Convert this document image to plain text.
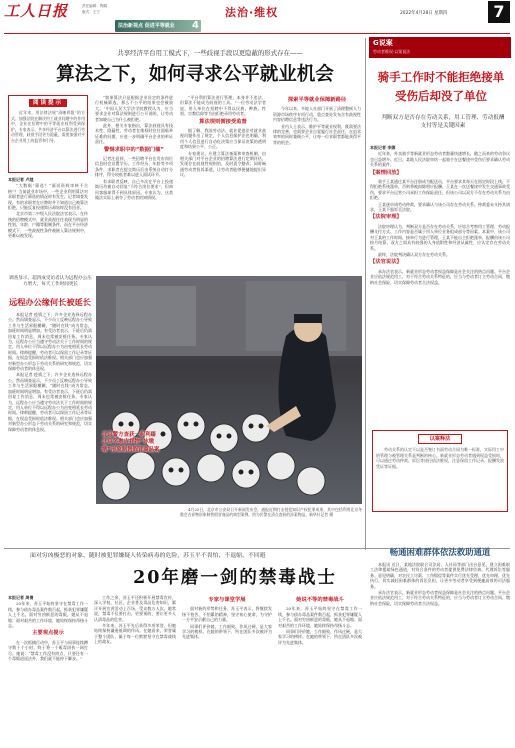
工人日报	责任编辑：陶娟
版式：王宁
法治新视点 促进平等就业 4
法治·维权	2022年4月28日 星期四	7
共享经济平台用工模式下，一些歧视手段以更隐蔽的形式存在——
算法之下，如何寻求公平就业机会
阅读提示
近年来，用法律法规“清晰界限”的方式、加强法院在解决用工就业问题中的作用中，企业在招聘中的平等就业权利受到保护。专家表示，共享经济平台以算法进行劳动管理，歧视手段更为隐蔽，需要加强对平台企业用工的监管和引导。

本报记者 卢越

“大数据”筛选？“面试资料审核不合格”？当前就业市场中，一些企业利用算法对求职者进行筛选的情况时有发生。记者调查发现，有的求职者在应聘时并不知道自己被算法拒绝，只能反复投递简历却始终没有回音。

北京市第二中级人民法院法官表示，在传统的招聘模式中，就业歧视往往表现为明显的性别、年龄、户籍等限制条件，而在平台经济模式下，一些歧视性条件被嵌入算法规则中，更难以被发现。

“如果算法只是根据企业设定的条件进行机械筛选，那么不公平的结果也会被放大。”中国人民大学法学院教授认为，应当要求企业对算法规则进行公开说明，让劳动者知晓自己为什么被拒绝。

此外，相关专家指出，算法歧视具有技术性、隐蔽性，劳动者在维权时往往面临举证难的问题，应进一步明确平台企业的举证责任。

警惕求职中的“数据门槛”

记者注意到，一些招聘平台在发布岗位信息时会设置学历、工作经历、年龄等多项条件，求职者在提交简历后由系统自动打分排序，得分较低者难以进入面试环节。

有求职者反映，自己多次在平台上投递简历均被自动回复“不符合岗位要求”，但询问客服却得不到具体原因。专家认为，这类做法实际上剥夺了劳动者的知情权。

“平台利用算法进行管理，本身并不违法，但算法不能成为歧视的工具。”一位劳动法学者说，用人单位在招聘中不得以民族、种族、性别、宗教信仰等为由拒绝录用劳动者。

算法规则需接受监督

据了解，我国劳动法、就业促进法对就业歧视问题作出了规定，个人信息保护法也明确，利用个人信息进行自动化决策应当保证决策的透明度和结果公平、公正。

专家建议，应建立算法备案和审查机制，由相关部门对平台企业的招聘算法进行定期评估，发现存在歧视性规则的，及时责令整改；同时畅通劳动者投诉渠道，让劳动者能够便捷地提出异议。

探索平等就业保障新路径

今年以来，多地人社部门开展了清理整顿人力资源市场秩序专项行动，重点查处发布含有歧视性内容招聘信息等违法行为。

业内人士表示，维护平等就业权利，既需要法律的完善，也需要企业自觉履行社会责任，在追求效率的同时兼顾公平，让每一位求职者都能获得平等的机会。

G说案
劳动者维权·以案说法
骑手工作时不能拒绝接单
受伤后却没了单位
判断双方是否存在劳动关系，用工管理、劳动报酬支付等是关键因素

本报记者 李娜

近年来，外卖骑手等新就业形态劳动者数量快速增长，随之而来的劳动争议也日益增多。近日，某地人民法院审结一起骑手在送餐途中受伤后要求确认劳动关系的案件。

【案情回放】

骑手王某通过某平台注册成为配送员，平台要求其每天在固定时段上线，不得拒绝系统派单，否则将被扣除相应报酬。王某在一次送餐途中发生交通事故受伤，要求平台运营公司承担工伤保险责任，但该公司以双方不存在劳动关系为由拒绝。

王某遂申请劳动仲裁，要求确认与该公司存在劳动关系。仲裁委未支持其请求，王某不服诉至法院。

【法院审理】

法院审理认为，判断双方是否存在劳动关系，应综合考察用工管理、劳动报酬支付方式、工作内容是否属于用人单位业务组成部分等因素。本案中，该公司对王某的工作时间、接单行为进行管理，王某不能自主拒绝派单，报酬由该公司按月结算，双方之间具有较强的人身依附性和经济从属性，应认定存在劳动关系。

最终，法院判决确认双方存在劳动关系。

【法官说法】

承办法官表示，新就业形态劳动者权益保障是社会关注的热点问题。平台企业应依法规范用工，对于符合劳动关系特征的，应当与劳动者订立劳动合同，缴纳社会保险，切实保障劳动者合法权益。

以案释法
劳动关系的认定不以是否签订书面劳动合同为唯一标准，实际用工中的管理与被管理关系是判断的核心。新就业形态劳动者遇到权益受损时，可以通过劳动仲裁、诉讼等途径依法维权，注意保留工作记录、报酬发放凭证等证据。
调查显示，超四成受访者认为远程办公压力增大，每天工作时间更长
远程办公缘何长被延长

本报记者 疫情之下，许多企业选择远程办公。然而调查显示，不少员工反映远程办公导致工作与生活界限模糊，“随时在线”成为常态，加班时间明显增加。有受访者表示，下班后仍需回复工作消息，周末也常被安排任务。专家认为，远程办公应当遵守劳动法关于工作时间的规定，用人单位不得以远程办公为由变相延长劳动时间。律师提醒，劳动者可以保留工作记录等证据，在权益受损时依法维权。相关部门也应加强对新型办公形态下劳动关系的研究和规范，切实保障劳动者的休息权。

本报记者 疫情之下，许多企业选择远程办公。然而调查显示，不少员工反映远程办公导致工作与生活界限模糊，“随时在线”成为常态，加班时间明显增加。有受访者表示，下班后仍需回复工作消息，周末也常被安排任务。专家认为，远程办公应当遵守劳动法关于工作时间的规定，用人单位不得以远程办公为由变相延长劳动时间。律师提醒，劳动者可以保留工作记录等证据，在权益受损时依法维权。相关部门也应加强对新型办公形态下劳动关系的研究和规范，切实保障劳动者的休息权。

北京警方查获一起利用北京冬奥吉祥物“冰墩墩”形象制售假冒商品案
4月25日，北京市公安局召开新闻发布会，通报近期打击侵犯知识产权犯罪成果，其中包括利用北京冬奥会吉祥物形象制售假冒商品的典型案例。图为民警在清点查获的涉案物品。新华社记者 摄
面对穷凶极恶的对象、随时被犯罪嫌疑人传染病毒的危险，苏玉平不畏怕、不退缩、不回避
20年磨一剑的禁毒战士

本报记者 周倩

20年来，苏玉平始终坚守在禁毒工作一线，参与侦办毒品案件数百起，抓获犯罪嫌疑人上千名。面对穷凶极恶的毒贩，她从不退缩；面对艰苦的工作环境，她始终保持昂扬斗志。

主要观点提示

在一次抓捕行动中，苏玉平与同事连续蹲守数十个小时，终于将一个贩毒团伙一网打尽。她说：“禁毒工作没有终点，只要还有一个毒贩逍遥法外，我们就不能停下脚步。”

工作之余，苏玉平还积极开展禁毒宣传，深入学校、社区、企业普及毒品危害知识，累计开展宣讲活动上百场，受众数万人次。她常说，禁毒不仅要打击，更要预防，要让更多人认清毒品的危害。

多年来，苏玉平先后获得多项荣誉，但她始终保持谦逊低调的作风。在她看来，荣誉属于整个团队，属于每一位默默坚守在禁毒战线上的战友。

专家与课堂学展

面对新的形势和任务，苏玉平表示，将继续发扬不怕苦、不怕累的精神，坚守初心使命，为守护一方平安贡献自己的力量。

同事们评价她，工作细致、作风过硬，是大家学习的榜样。在她的带领下，所在团队多次被评为先进集体。

她说不等的禁毒战斗

20年来，苏玉平始终坚守在禁毒工作一线，参与侦办毒品案件数百起，抓获犯罪嫌疑人上千名。面对穷凶极恶的毒贩，她从不退缩；面对艰苦的工作环境，她始终保持昂扬斗志。

同事们评价她，工作细致、作风过硬，是大家学习的榜样。在她的带领下，所在团队多次被评为先进集体。

畅通困难群体依法救助通道

本报讯 近日，某地法院联合司法局、人社局等部门出台意见，建立困难职工法律援助绿色通道，对符合条件的劳动者提供免费法律咨询、代理诉讼等服务。意见明确，对农民工讨薪、工伤赔偿等案件实行优先受理、优先审理、优先执行，切实减轻困难群体的诉讼负担，让更多劳动者享受到便捷高效的司法服务。

承办法官表示，新就业形态劳动者权益保障是社会关注的热点问题。平台企业应依法规范用工，对于符合劳动关系特征的，应当与劳动者订立劳动合同，缴纳社会保险，切实保障劳动者合法权益。
